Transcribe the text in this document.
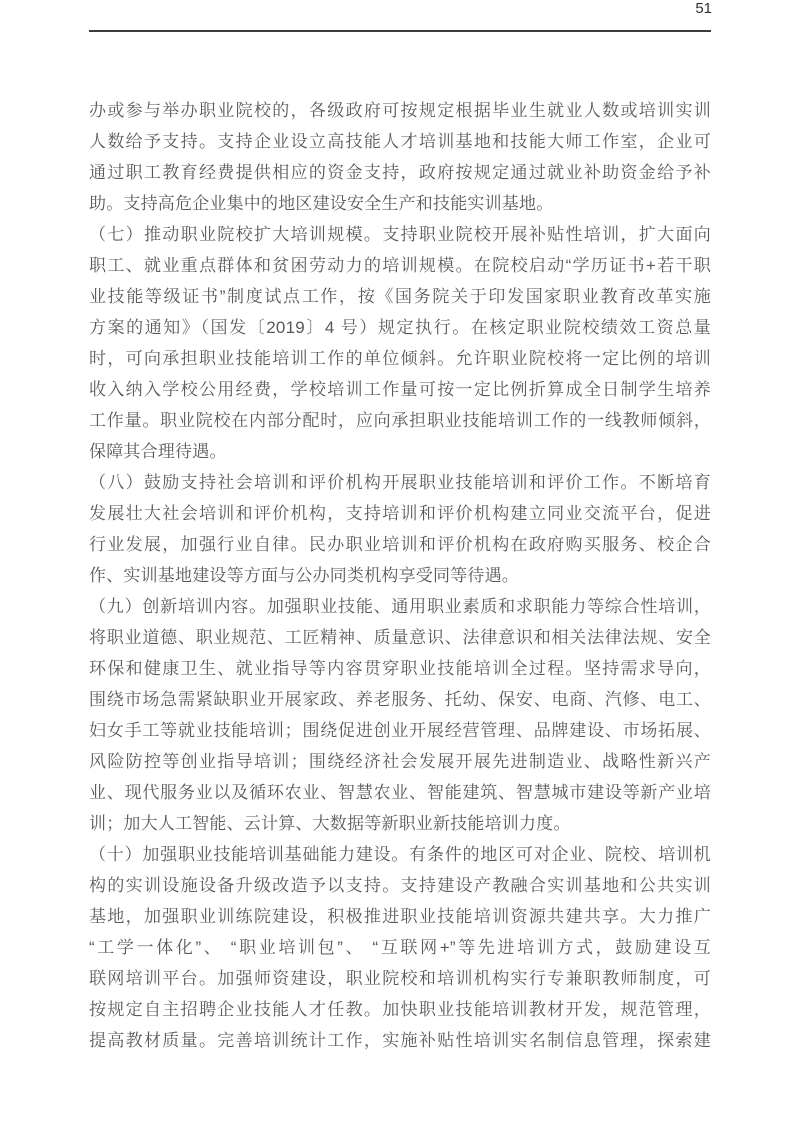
51
办或参与举办职业院校的，各级政府可按规定根据毕业生就业人数或培训实训
人数给予支持。支持企业设立高技能人才培训基地和技能大师工作室，企业可
通过职工教育经费提供相应的资金支持，政府按规定通过就业补助资金给予补
助。支持高危企业集中的地区建设安全生产和技能实训基地。
（七）推动职业院校扩大培训规模。支持职业院校开展补贴性培训，扩大面向
职工、就业重点群体和贫困劳动力的培训规模。在院校启动“学历证书+若干职
业技能等级证书”制度试点工作，按《国务院关于印发国家职业教育改革实施
方案的通知》（国发〔2019〕4 号）规定执行。在核定职业院校绩效工资总量
时，可向承担职业技能培训工作的单位倾斜。允许职业院校将一定比例的培训
收入纳入学校公用经费，学校培训工作量可按一定比例折算成全日制学生培养
工作量。职业院校在内部分配时，应向承担职业技能培训工作的一线教师倾斜，
保障其合理待遇。
（八）鼓励支持社会培训和评价机构开展职业技能培训和评价工作。不断培育
发展壮大社会培训和评价机构，支持培训和评价机构建立同业交流平台，促进
行业发展，加强行业自律。民办职业培训和评价机构在政府购买服务、校企合
作、实训基地建设等方面与公办同类机构享受同等待遇。
（九）创新培训内容。加强职业技能、通用职业素质和求职能力等综合性培训，
将职业道德、职业规范、工匠精神、质量意识、法律意识和相关法律法规、安全
环保和健康卫生、就业指导等内容贯穿职业技能培训全过程。坚持需求导向，
围绕市场急需紧缺职业开展家政、养老服务、托幼、保安、电商、汽修、电工、
妇女手工等就业技能培训；围绕促进创业开展经营管理、品牌建设、市场拓展、
风险防控等创业指导培训；围绕经济社会发展开展先进制造业、战略性新兴产
业、现代服务业以及循环农业、智慧农业、智能建筑、智慧城市建设等新产业培
训；加大人工智能、云计算、大数据等新职业新技能培训力度。
（十）加强职业技能培训基础能力建设。有条件的地区可对企业、院校、培训机
构的实训设施设备升级改造予以支持。支持建设产教融合实训基地和公共实训
基地，加强职业训练院建设，积极推进职业技能培训资源共建共享。大力推广
“工学一体化”、 “职业培训包”、 “互联网+”等先进培训方式，鼓励建设互
联网培训平台。加强师资建设，职业院校和培训机构实行专兼职教师制度，可
按规定自主招聘企业技能人才任教。加快职业技能培训教材开发，规范管理，
提高教材质量。完善培训统计工作，实施补贴性培训实名制信息管理，探索建
